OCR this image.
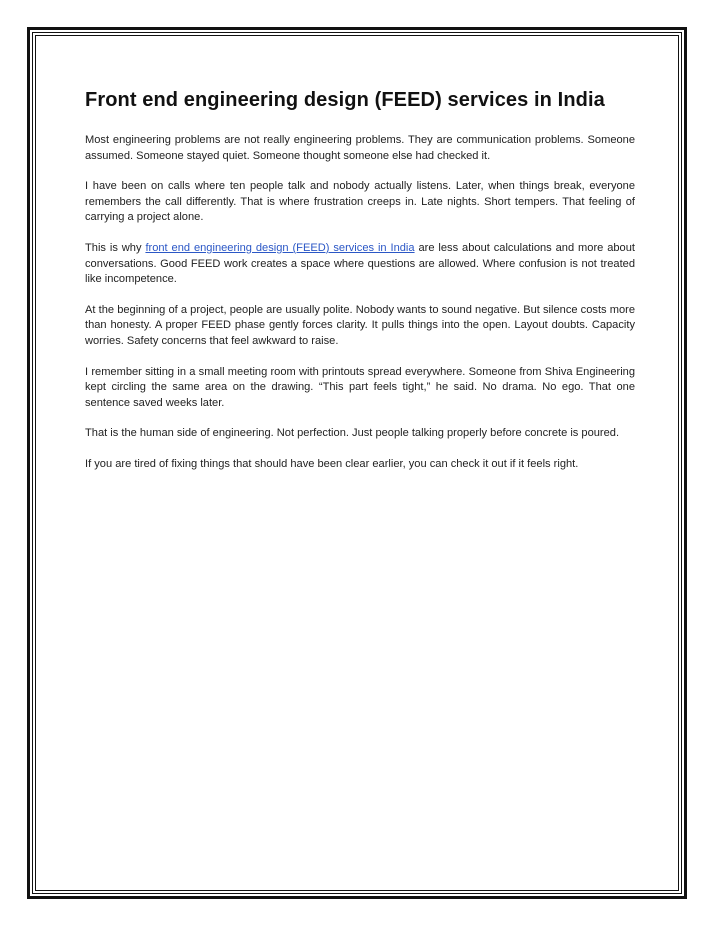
Front end engineering design (FEED) services in India

Most engineering problems are not really engineering problems. They are communication problems. Someone assumed. Someone stayed quiet. Someone thought someone else had checked it.

I have been on calls where ten people talk and nobody actually listens. Later, when things break, everyone remembers the call differently. That is where frustration creeps in. Late nights. Short tempers. That feeling of carrying a project alone.

This is why front end engineering design (FEED) services in India are less about calculations and more about conversations. Good FEED work creates a space where questions are allowed. Where confusion is not treated like incompetence.

At the beginning of a project, people are usually polite. Nobody wants to sound negative. But silence costs more than honesty. A proper FEED phase gently forces clarity. It pulls things into the open. Layout doubts. Capacity worries. Safety concerns that feel awkward to raise.

I remember sitting in a small meeting room with printouts spread everywhere. Someone from Shiva Engineering kept circling the same area on the drawing. “This part feels tight,” he said. No drama. No ego. That one sentence saved weeks later.

That is the human side of engineering. Not perfection. Just people talking properly before concrete is poured.

If you are tired of fixing things that should have been clear earlier, you can check it out if it feels right.
